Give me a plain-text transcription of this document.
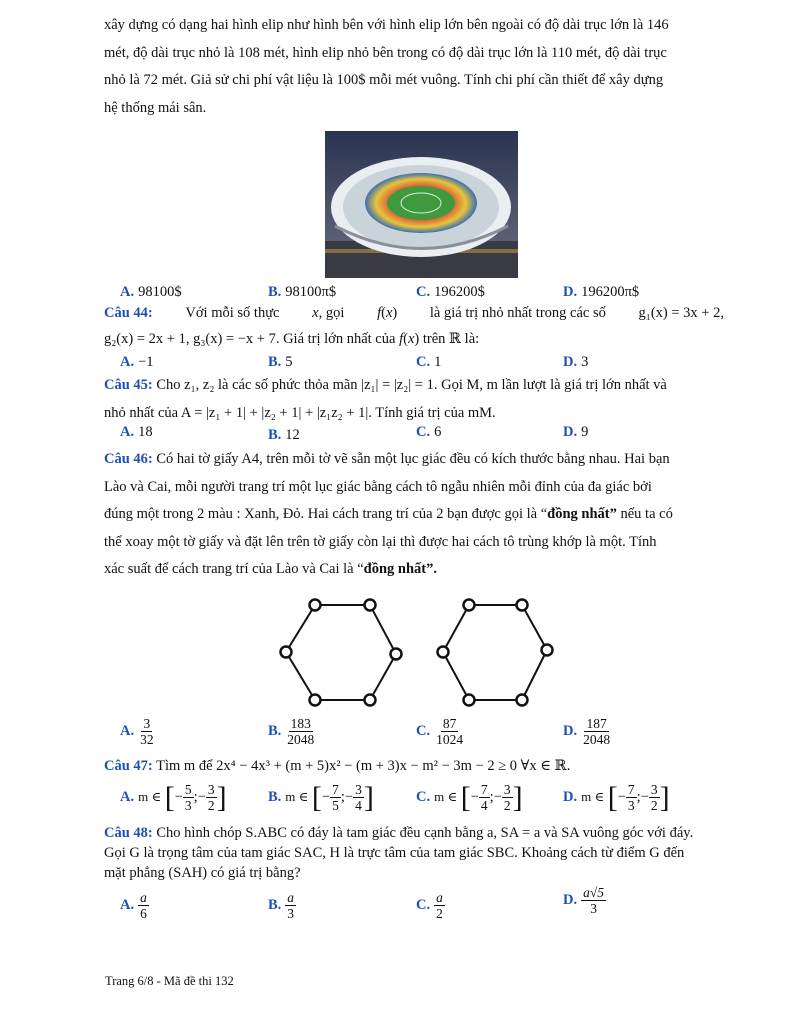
xây dựng có dạng hai hình elip như hình bên với hình elip lớn bên ngoài có độ dài trục lớn là 146
mét, độ dài trục nhỏ là 108 mét, hình elip nhỏ bên trong có độ dài trục lớn là 110 mét, độ dài trục
nhỏ là 72 mét. Giả sử chi phí vật liệu là 100$ mỗi mét vuông. Tính chi phí cần thiết để xây dựng
hệ thống mái sân.
A. 98100$	B. 98100π$	C. 196200$	D. 196200π$
Câu 44: Với mỗi số thực x, gọi f(x) là giá trị nhỏ nhất trong các số g₁(x) = 3x + 2,
g₂(x) = 2x + 1, g₃(x) = −x + 7. Giá trị lớn nhất của f(x) trên ℝ là:
A. −1	B. 5	C. 1	D. 3
Câu 45: Cho z₁, z₂ là các số phức thỏa mãn |z₁| = |z₂| = 1. Gọi M, m lần lượt là giá trị lớn nhất và
nhỏ nhất của A = |z₁ + 1| + |z₂ + 1| + |z₁z₂ + 1|. Tính giá trị của mM.
A. 18	B. 12	C. 6	D. 9
Câu 46: Có hai tờ giấy A4, trên mỗi tờ vẽ sẵn một lục giác đều có kích thước bằng nhau. Hai bạn
Lào và Cai, mỗi người trang trí một lục giác bằng cách tô ngẫu nhiên mỗi đỉnh của đa giác bởi
đúng một trong 2 màu : Xanh, Đỏ. Hai cách trang trí của 2 bạn được gọi là “đồng nhất” nếu ta có
thể xoay một tờ giấy và đặt lên trên tờ giấy còn lại thì được hai cách tô trùng khớp là một. Tính
xác suất để cách trang trí của Lào và Cai là “đồng nhất”.
A. $\frac{3}{32}$	B. $\frac{183}{2048}$	C. $\frac{87}{1024}$	D. $\frac{187}{2048}$
Câu 47: Tìm m để 2x⁴ − 4x³ + (m + 5)x² − (m + 3)x − m² − 3m − 2 ≥ 0 ∀x ∈ ℝ.
A. m ∈ [ − $\frac{5}{3}$ ;− $\frac{3}{2}$ ]	B. m ∈ [ − $\frac{7}{5}$ ;− $\frac{3}{4}$ ]	C. m ∈ [ − $\frac{7}{4}$ ;− $\frac{3}{2}$ ]	D. m ∈ [ − $\frac{7}{3}$ ;− $\frac{3}{2}$ ]
Câu 48: Cho hình chóp S.ABC có đáy là tam giác đều cạnh bằng a, SA = a và SA vuông góc với đáy.
Gọi G là trọng tâm của tam giác SAC, H là trực tâm của tam giác SBC. Khoảng cách từ điểm G đến
mặt phẳng (SAH) có giá trị bằng?
A. $\frac{a}{6}$	B. $\frac{a}{3}$	C. $\frac{a}{2}$	D. $\frac{a√5}{3}$
Trang 6/8 - Mã đề thi 132
